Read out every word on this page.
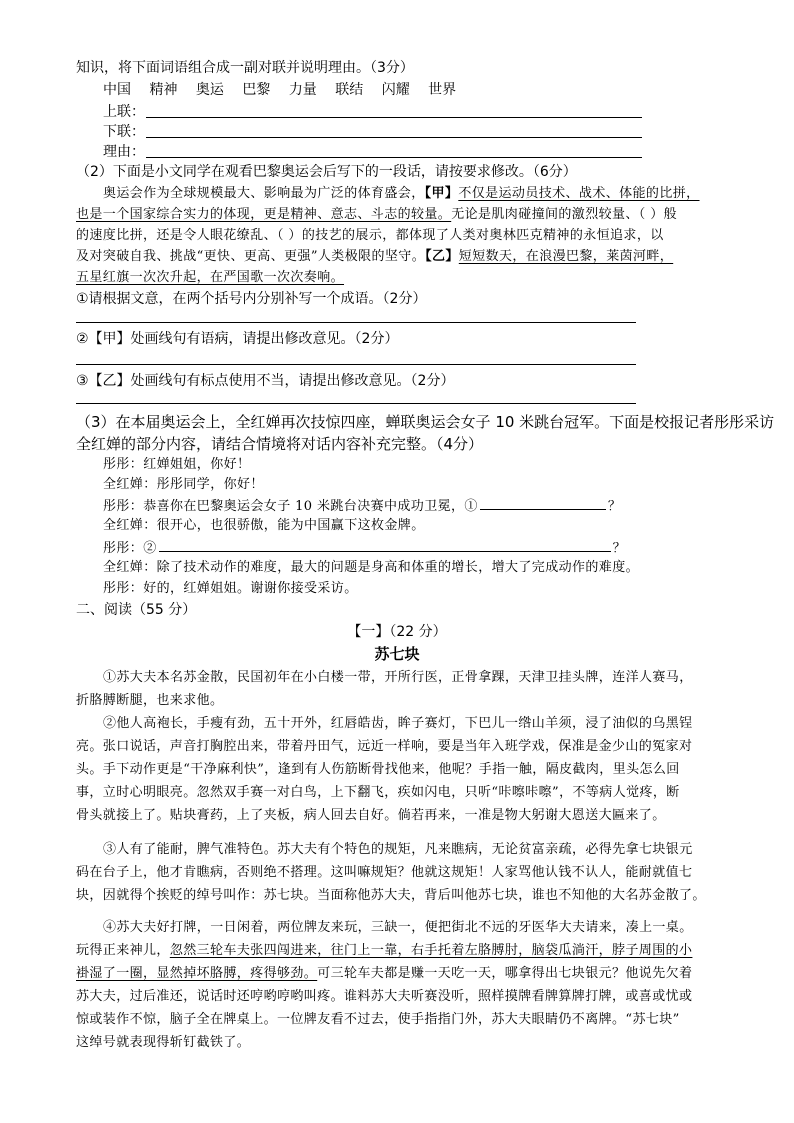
知识，将下面词语组合成一副对联并说明理由。（3分）
中国 精神 奥运 巴黎 力量 联结 闪耀 世界
上联：
下联：
理由：
（2）下面是小文同学在观看巴黎奥运会后写下的一段话，请按要求修改。（6分）
奥运会作为全球规模最大、影响最为广泛的体育盛会，【甲】不仅是运动员技术、战术、体能的比拼，
也是一个国家综合实力的体现，更是精神、意志、斗志的较量。无论是肌肉碰撞间的激烈较量、（ ）般
的速度比拼，还是令人眼花缭乱、（ ）的技艺的展示，都体现了人类对奥林匹克精神的永恒追求，以
及对突破自我、挑战“更快、更高、更强”人类极限的坚守。【乙】短短数天，在浪漫巴黎，莱茵河畔，
五星红旗一次次升起，在严国歌一次次奏响。
①请根据文意，在两个括号内分别补写一个成语。（2分）
②【甲】处画线句有语病，请提出修改意见。（2分）
③【乙】处画线句有标点使用不当，请提出修改意见。（2分）
（3）在本届奥运会上，全红婵再次技惊四座，蝉联奥运会女子 10 米跳台冠军。下面是校报记者彤彤采访
全红婵的部分内容，请结合情境将对话内容补充完整。（4分）
彤彤：红婵姐姐，你好！
全红婵：彤彤同学，你好！
彤彤：恭喜你在巴黎奥运会女子 10 米跳台决赛中成功卫冕，①	？
全红婵：很开心，也很骄傲，能为中国赢下这枚金牌。
彤彤：②	？
全红婵：除了技术动作的难度，最大的问题是身高和体重的增长，增大了完成动作的难度。
彤彤：好的，红婵姐姐。谢谢你接受采访。
二、阅读（55 分）
【一】（22 分）
苏七块
①苏大夫本名苏金散，民国初年在小白楼一带，开所行医，正骨拿踝，天津卫挂头牌，连洋人赛马，
折胳膊断腿，也来求他。
②他人高袍长，手瘦有劲，五十开外，红唇皓齿，眸子赛灯，下巴儿一绺山羊须，浸了油似的乌黑锃
亮。张口说话，声音打胸腔出来，带着丹田气，远近一样响，要是当年入班学戏，保准是金少山的冤家对
头。手下动作更是“干净麻利快”，逢到有人伤筋断骨找他来，他呢？手指一触，隔皮截肉，里头怎么回
事，立时心明眼亮。忽然双手赛一对白鸟，上下翻飞，疾如闪电，只听“咔嚓咔嚓”，不等病人觉疼，断
骨头就接上了。贴块膏药，上了夹板，病人回去自好。倘若再来，一准是物大躬谢大恩送大匾来了。
③人有了能耐，脾气准特色。苏大夫有个特色的规矩，凡来瞧病，无论贫富亲疏，必得先拿七块银元
码在台子上，他才肯瞧病，否则绝不搭理。这叫嘛规矩？他就这规矩！人家骂他认钱不认人，能耐就值七
块，因就得个挨贬的绰号叫作：苏七块。当面称他苏大夫，背后叫他苏七块，谁也不知他的大名苏金散了。
④苏大夫好打牌，一日闲着，两位牌友来玩，三缺一，便把街北不远的牙医华大夫请来，凑上一桌。
玩得正来神儿，忽然三轮车夫张四闯进来，往门上一靠，右手托着左胳膊肘，脑袋瓜淌汗，脖子周围的小
褂湿了一圈，显然掉坏胳膊，疼得够劲。可三轮车夫都是赚一天吃一天，哪拿得出七块银元？他说先欠着
苏大夫，过后准还，说话时还哼哟哼哟叫疼。谁料苏大夫听赛没听，照样摸牌看牌算牌打牌，或喜或忧或
惊或装作不惊，脑子全在牌桌上。一位牌友看不过去，使手指指门外，苏大夫眼睛仍不离牌。“苏七块”
这绰号就表现得斩钉截铁了。
